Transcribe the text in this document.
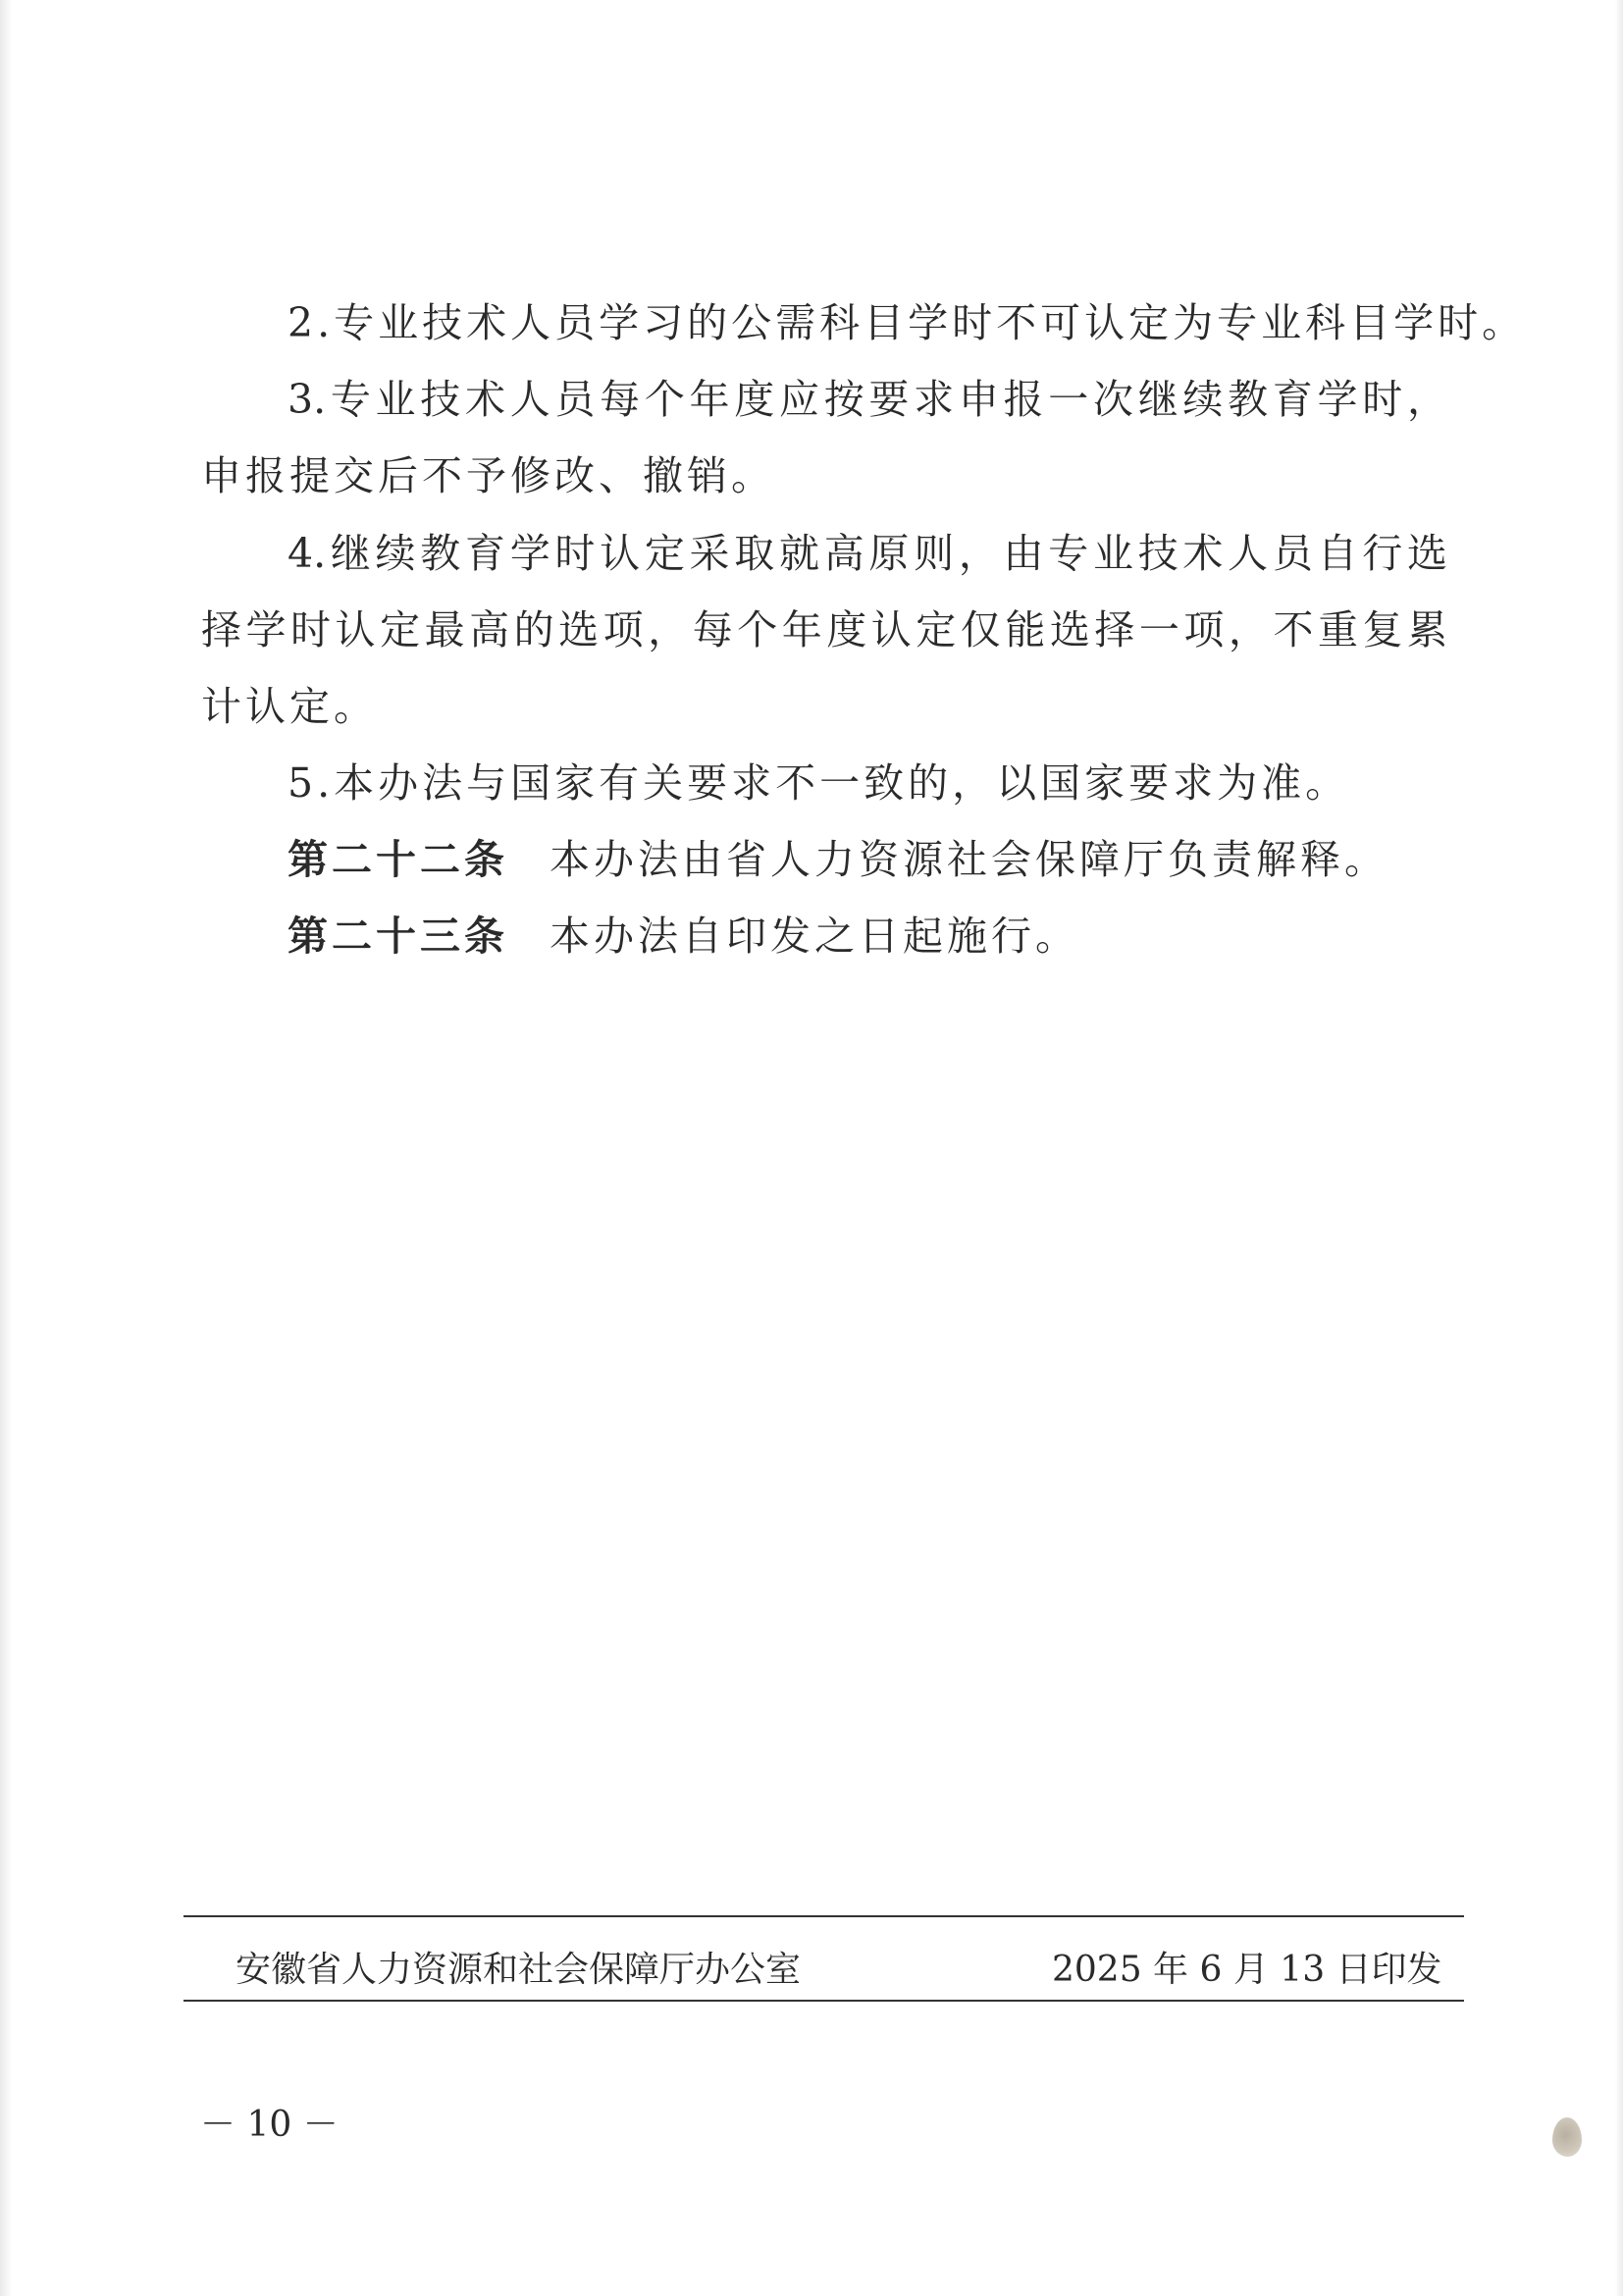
2.专业技术人员学习的公需科目学时不可认定为专业科目学时。
3.专业技术人员每个年度应按要求申报一次继续教育学时，
申报提交后不予修改、撤销。
4.继续教育学时认定采取就高原则，由专业技术人员自行选
择学时认定最高的选项，每个年度认定仅能选择一项，不重复累
计认定。
5.本办法与国家有关要求不一致的，以国家要求为准。
第二十二条 本办法由省人力资源社会保障厅负责解释。
第二十三条 本办法自印发之日起施行。
安徽省人力资源和社会保障厅办公室	2025 年 6 月 13 日印发
－ 10 －
